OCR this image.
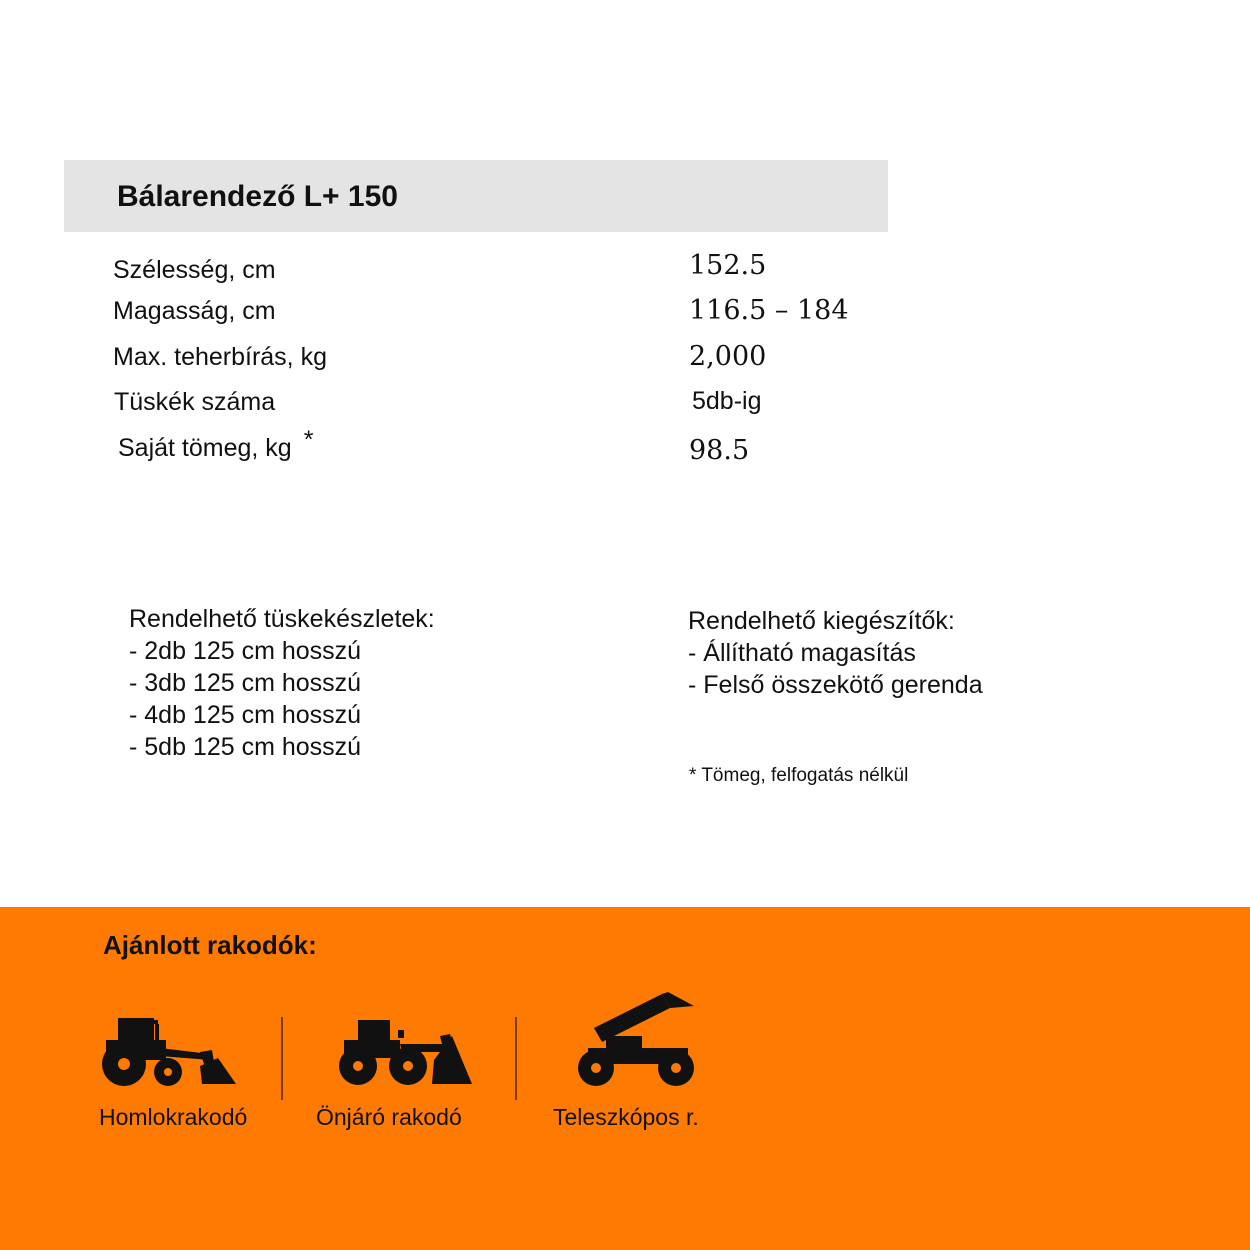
Bálarendező L+ 150
Szélesség, cm	152.5
Magasság, cm	116.5 – 184
Max. teherbírás, kg	2,000
Tüskék száma	5db-ig
Saját tömeg, kg *	98.5
Rendelhető tüskekészletek:
- 2db 125 cm hosszú
- 3db 125 cm hosszú
- 4db 125 cm hosszú
- 5db 125 cm hosszú
Rendelhető kiegészítők:
- Állítható magasítás
- Felső összekötő gerenda
* Tömeg, felfogatás nélkül
Ajánlott rakodók:
Homlokrakodó	Önjáró rakodó	Teleszkópos r.
